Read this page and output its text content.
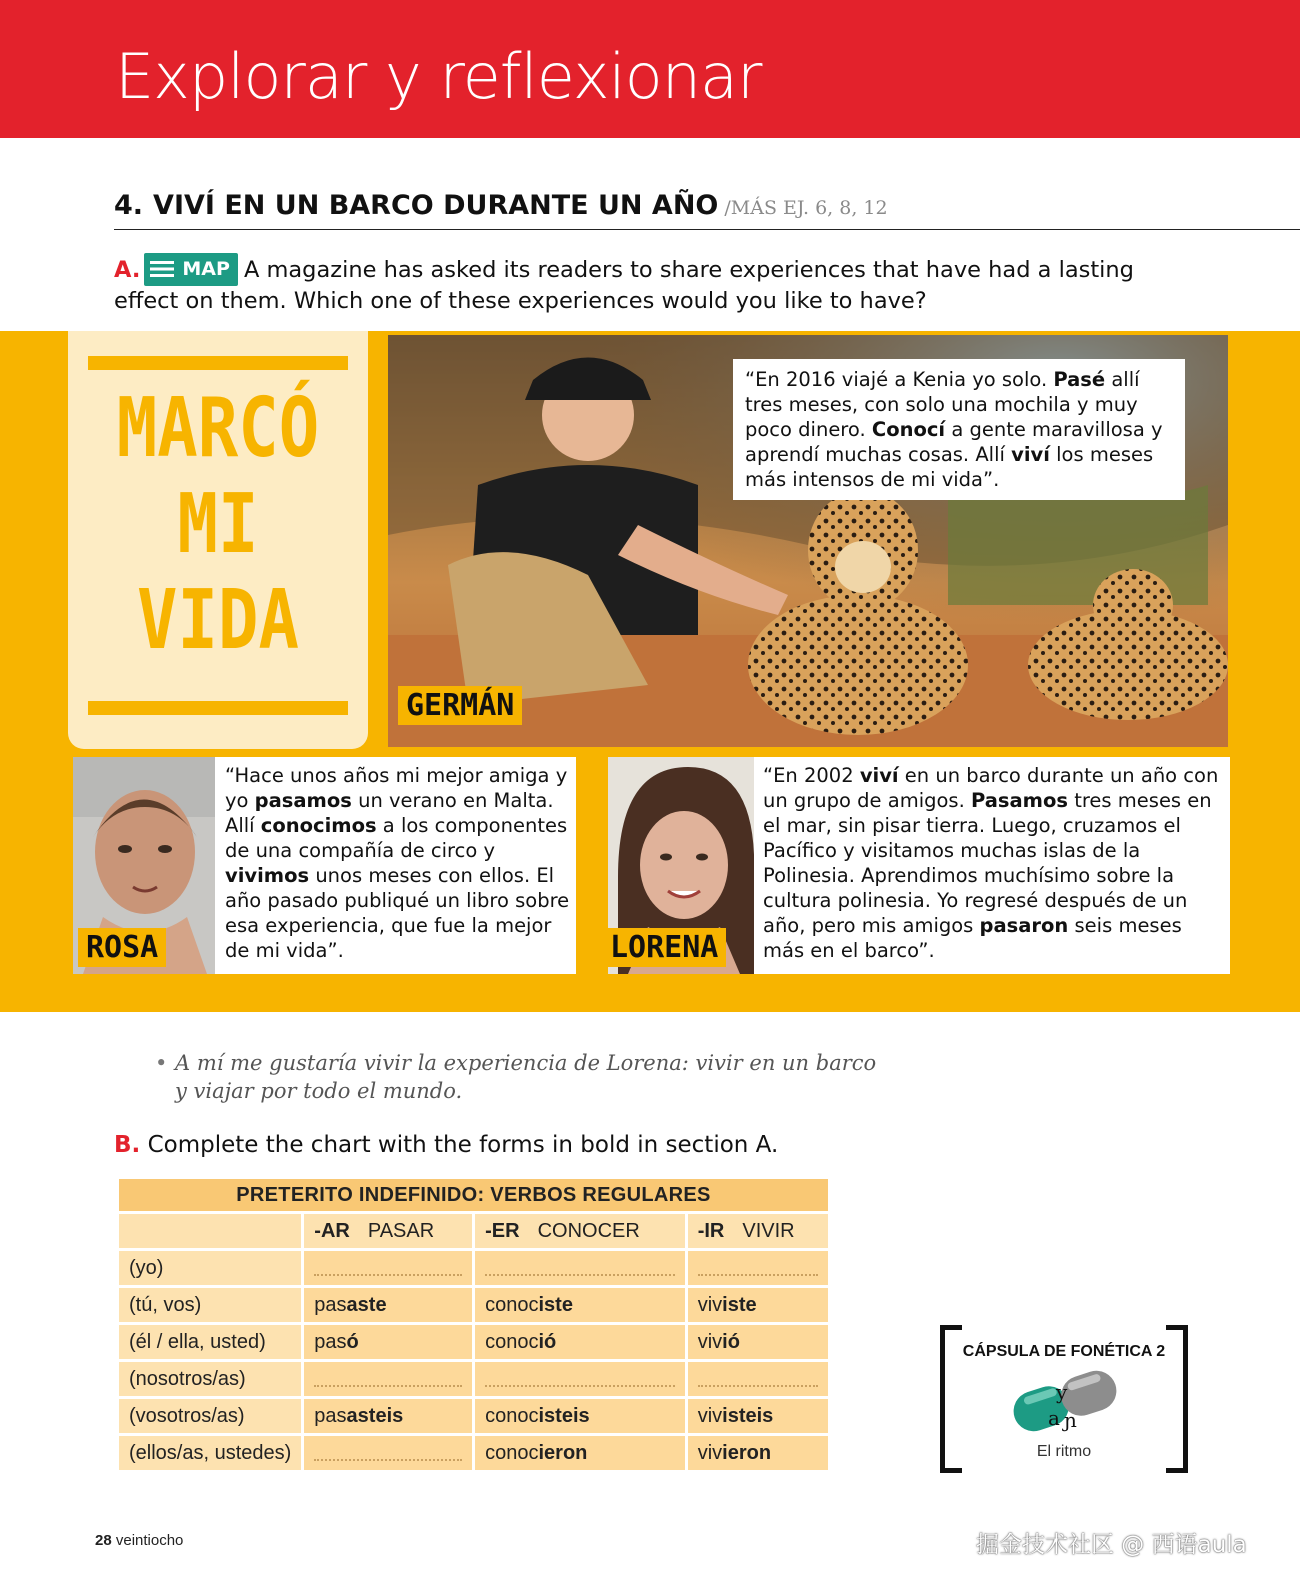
Explorar y reflexionar
4. VIVÍ EN UN BARCO DURANTE UN AÑO /MÁS EJ. 6, 8, 12
A. MAP A magazine has asked its readers to share experiences that have had a lasting effect on them. Which one of these experiences would you like to have?
MARCÓ
MI
VIDA
“En 2016 viajé a Kenia yo solo. Pasé allí tres meses, con solo una mochila y muy poco dinero. Conocí a gente maravillosa y aprendí muchas cosas. Allí viví los meses más intensos de mi vida”.
GERMÁN
“Hace unos años mi mejor amiga y yo pasamos un verano en Malta. Allí conocimos a los componentes de una compañía de circo y vivimos unos meses con ellos. El año pasado publiqué un libro sobre esa experiencia, que fue la mejor de mi vida”.
ROSA
“En 2002 viví en un barco durante un año con un grupo de amigos. Pasamos tres meses en el mar, sin pisar tierra. Luego, cruzamos el Pacífico y visitamos muchas islas de la Polinesia. Aprendimos muchísimo sobre la cultura polinesia. Yo regresé después de un año, pero mis amigos pasaron seis meses más en el barco”.
LORENA
• A mí me gustaría vivir la experiencia de Lorena: vivir en un barco
y viajar por todo el mundo.
B. Complete the chart with the forms in bold in section A.
PRETERITO INDEFINIDO: VERBOS REGULARES			
	-AR PASAR	-ER CONOCER	-IR VIVIR
(yo)	

(tú, vos)	pasaste	conociste	viviste
(él / ella, usted)	pasó	conoció	vivió
(nosotros/as)	

(vosotros/as)	pasasteis	conocisteis	vivisteis
(ellos/as, ustedes)		conocieron	vivieron
CÁPSULA DE FONÉTICA 2
y
a ɲ
El ritmo
28 veintiocho	掘金技术社区 @ 西语aula
